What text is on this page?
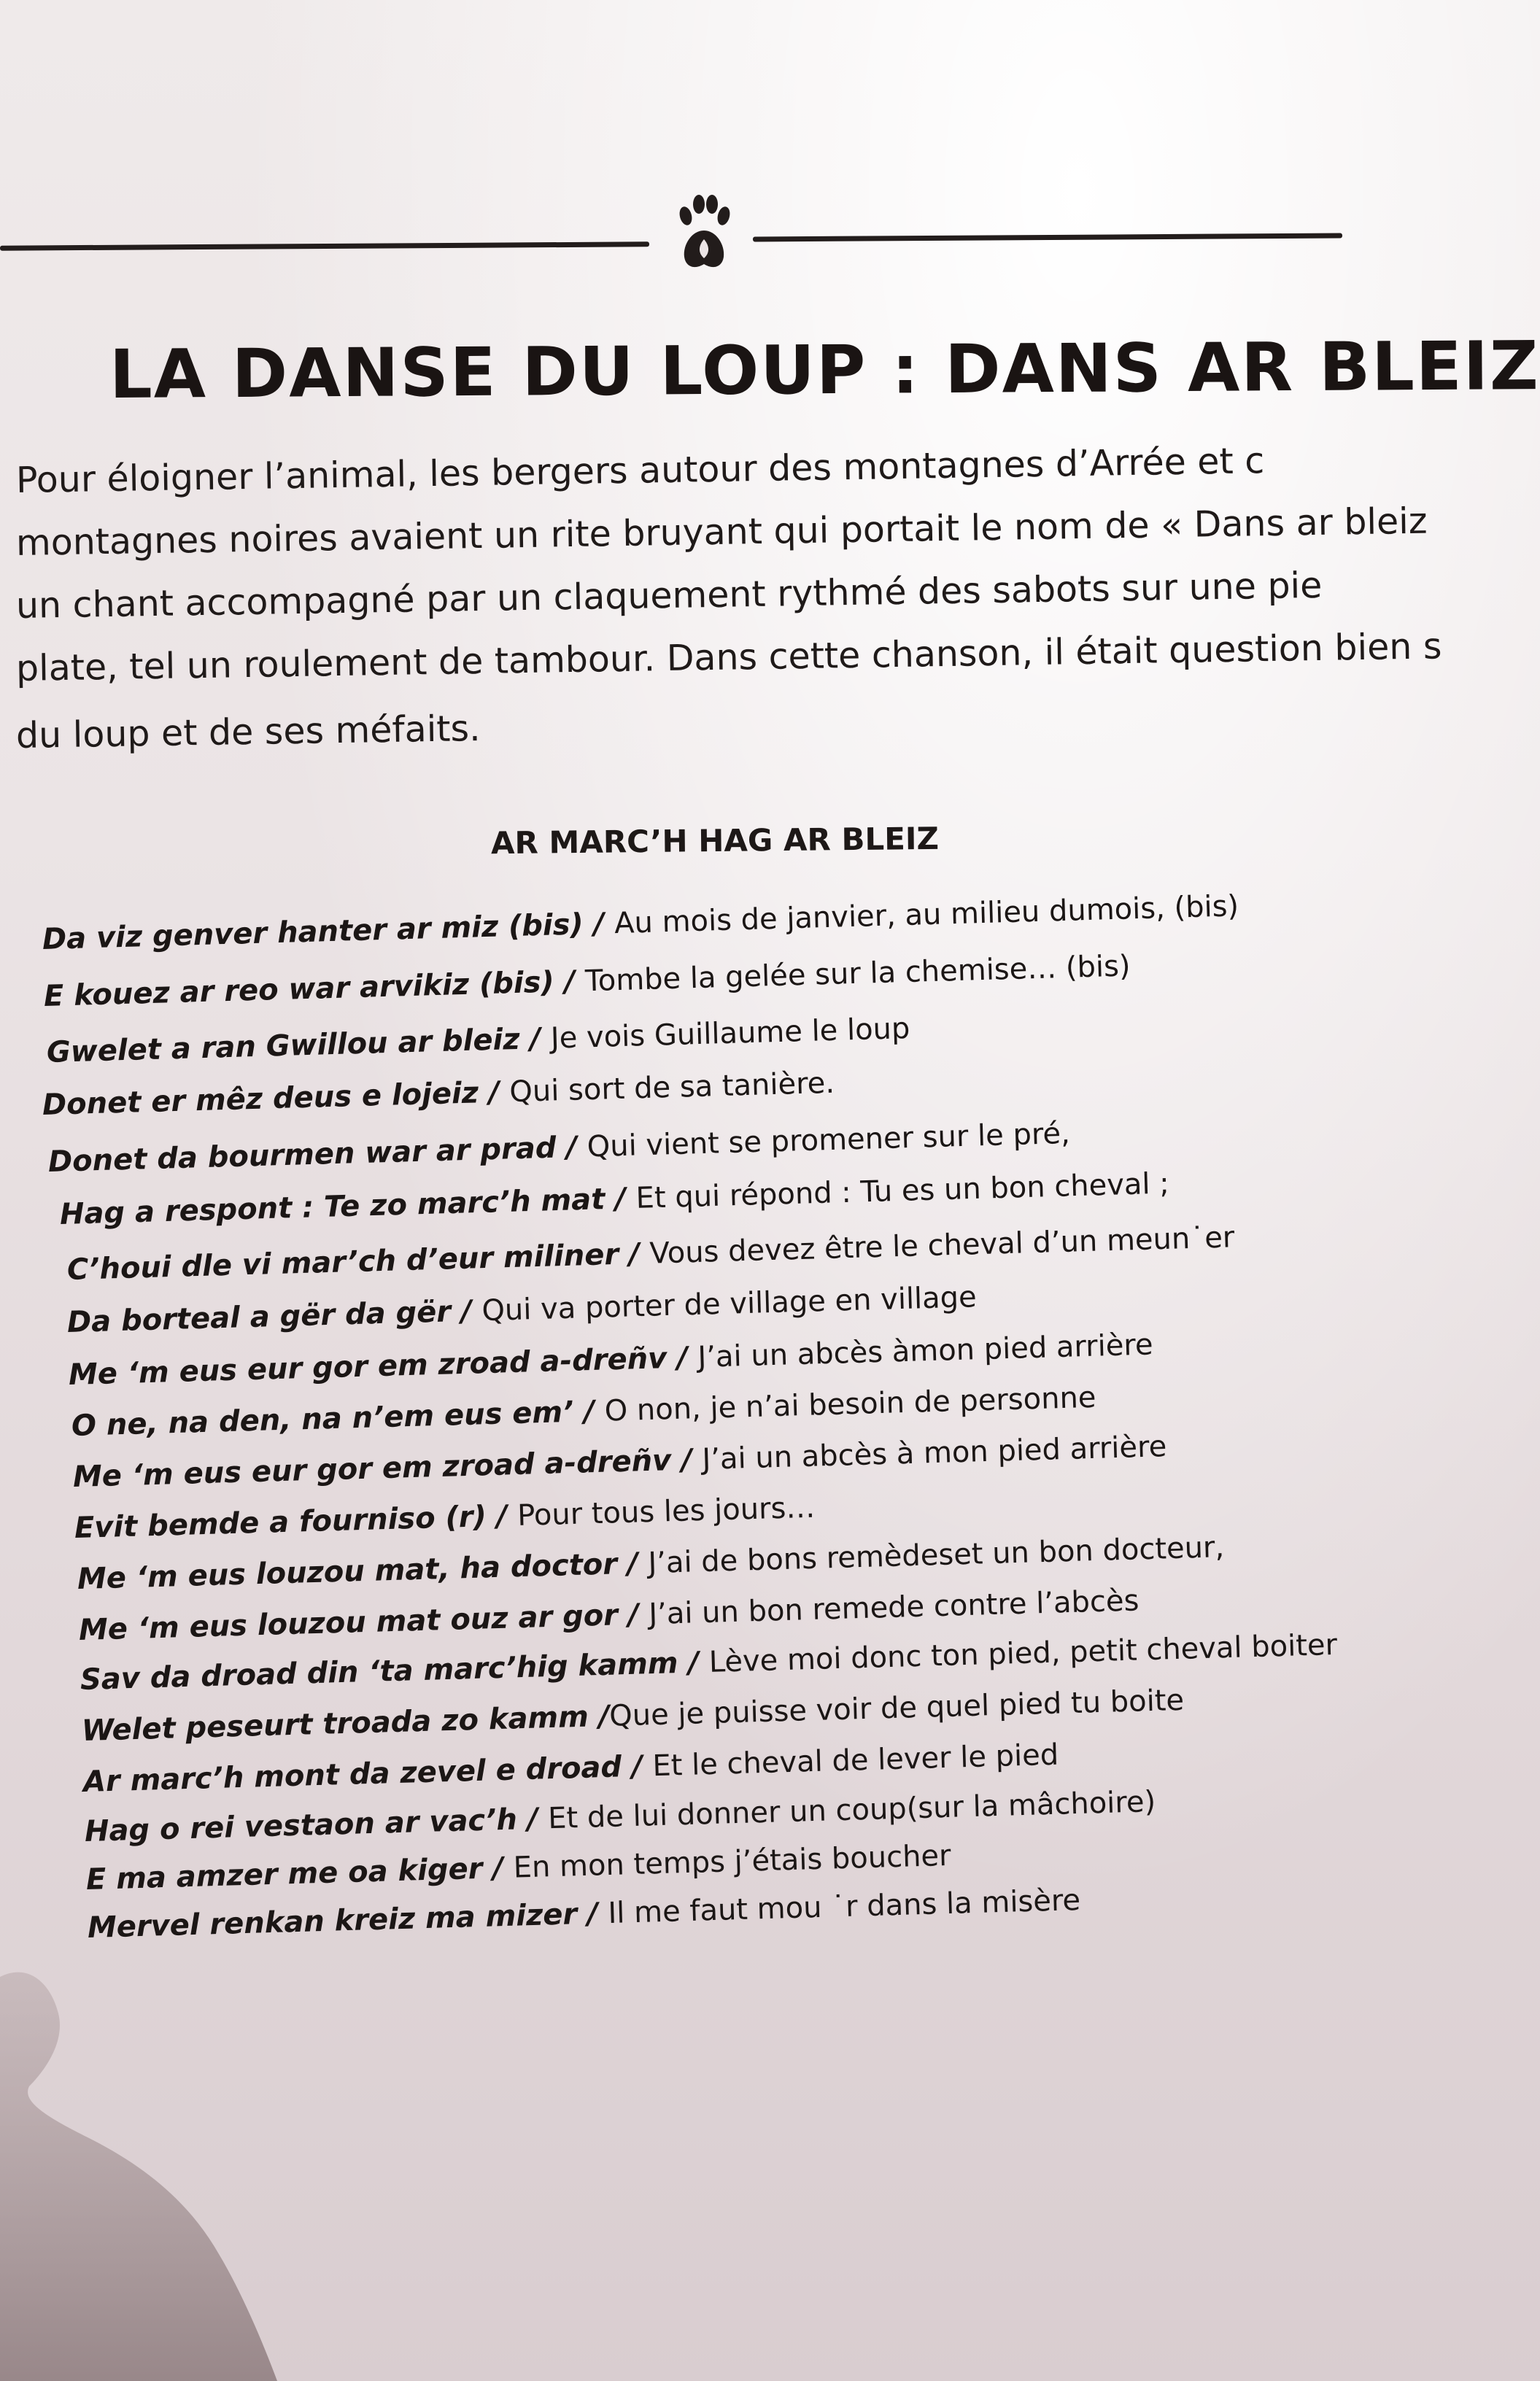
LA DANSE DU LOUP : DANS AR BLEIZ
Pour éloigner l’animal, les bergers autour des montagnes d’Arrée et c
montagnes noires avaient un rite bruyant qui portait le nom de « Dans ar bleiz
un chant accompagné par un claquement rythmé des sabots sur une pie
plate, tel un roulement de tambour. Dans cette chanson, il était question bien s
du loup et de ses méfaits.
AR MARC’H HAG AR BLEIZ
Da viz genver hanter ar miz (bis) / Au mois de janvier, au milieu dumois, (bis)
E kouez ar reo war arvikiz (bis) / Tombe la gelée sur la chemise… (bis)
Gwelet a ran Gwillou ar bleiz / Je vois Guillaume le loup
Donet er mêz deus e lojeiz / Qui sort de sa tanière.
Donet da bourmen war ar prad / Qui vient se promener sur le pré,
Hag a respont : Te zo marc’h mat / Et qui répond : Tu es un bon cheval ;
C’houi dle vi mar’ch d’eur miliner / Vous devez être le cheval d’un meun˙er
Da borteal a gër da gër / Qui va porter de village en village
Me ‘m eus eur gor em zroad a-dreñv / J’ai un abcès àmon pied arrière
O ne, na den, na n’em eus em’ / O non, je n’ai besoin de personne
Me ‘m eus eur gor em zroad a-dreñv / J’ai un abcès à mon pied arrière
Evit bemde a fourniso (r) / Pour tous les jours…
Me ‘m eus louzou mat, ha doctor / J’ai de bons remèdeset un bon docteur,
Me ‘m eus louzou mat ouz ar gor / J’ai un bon remede contre l’abcès
Sav da droad din ‘ta marc’hig kamm / Lève moi donc ton pied, petit cheval boiter
Welet peseurt troada zo kamm /Que je puisse voir de quel pied tu boite
Ar marc’h mont da zevel e droad / Et le cheval de lever le pied
Hag o rei vestaon ar vac’h / Et de lui donner un coup(sur la mâchoire)
E ma amzer me oa kiger / En mon temps j’étais boucher
Mervel renkan kreiz ma mizer / Il me faut mou ˙r dans la misère
